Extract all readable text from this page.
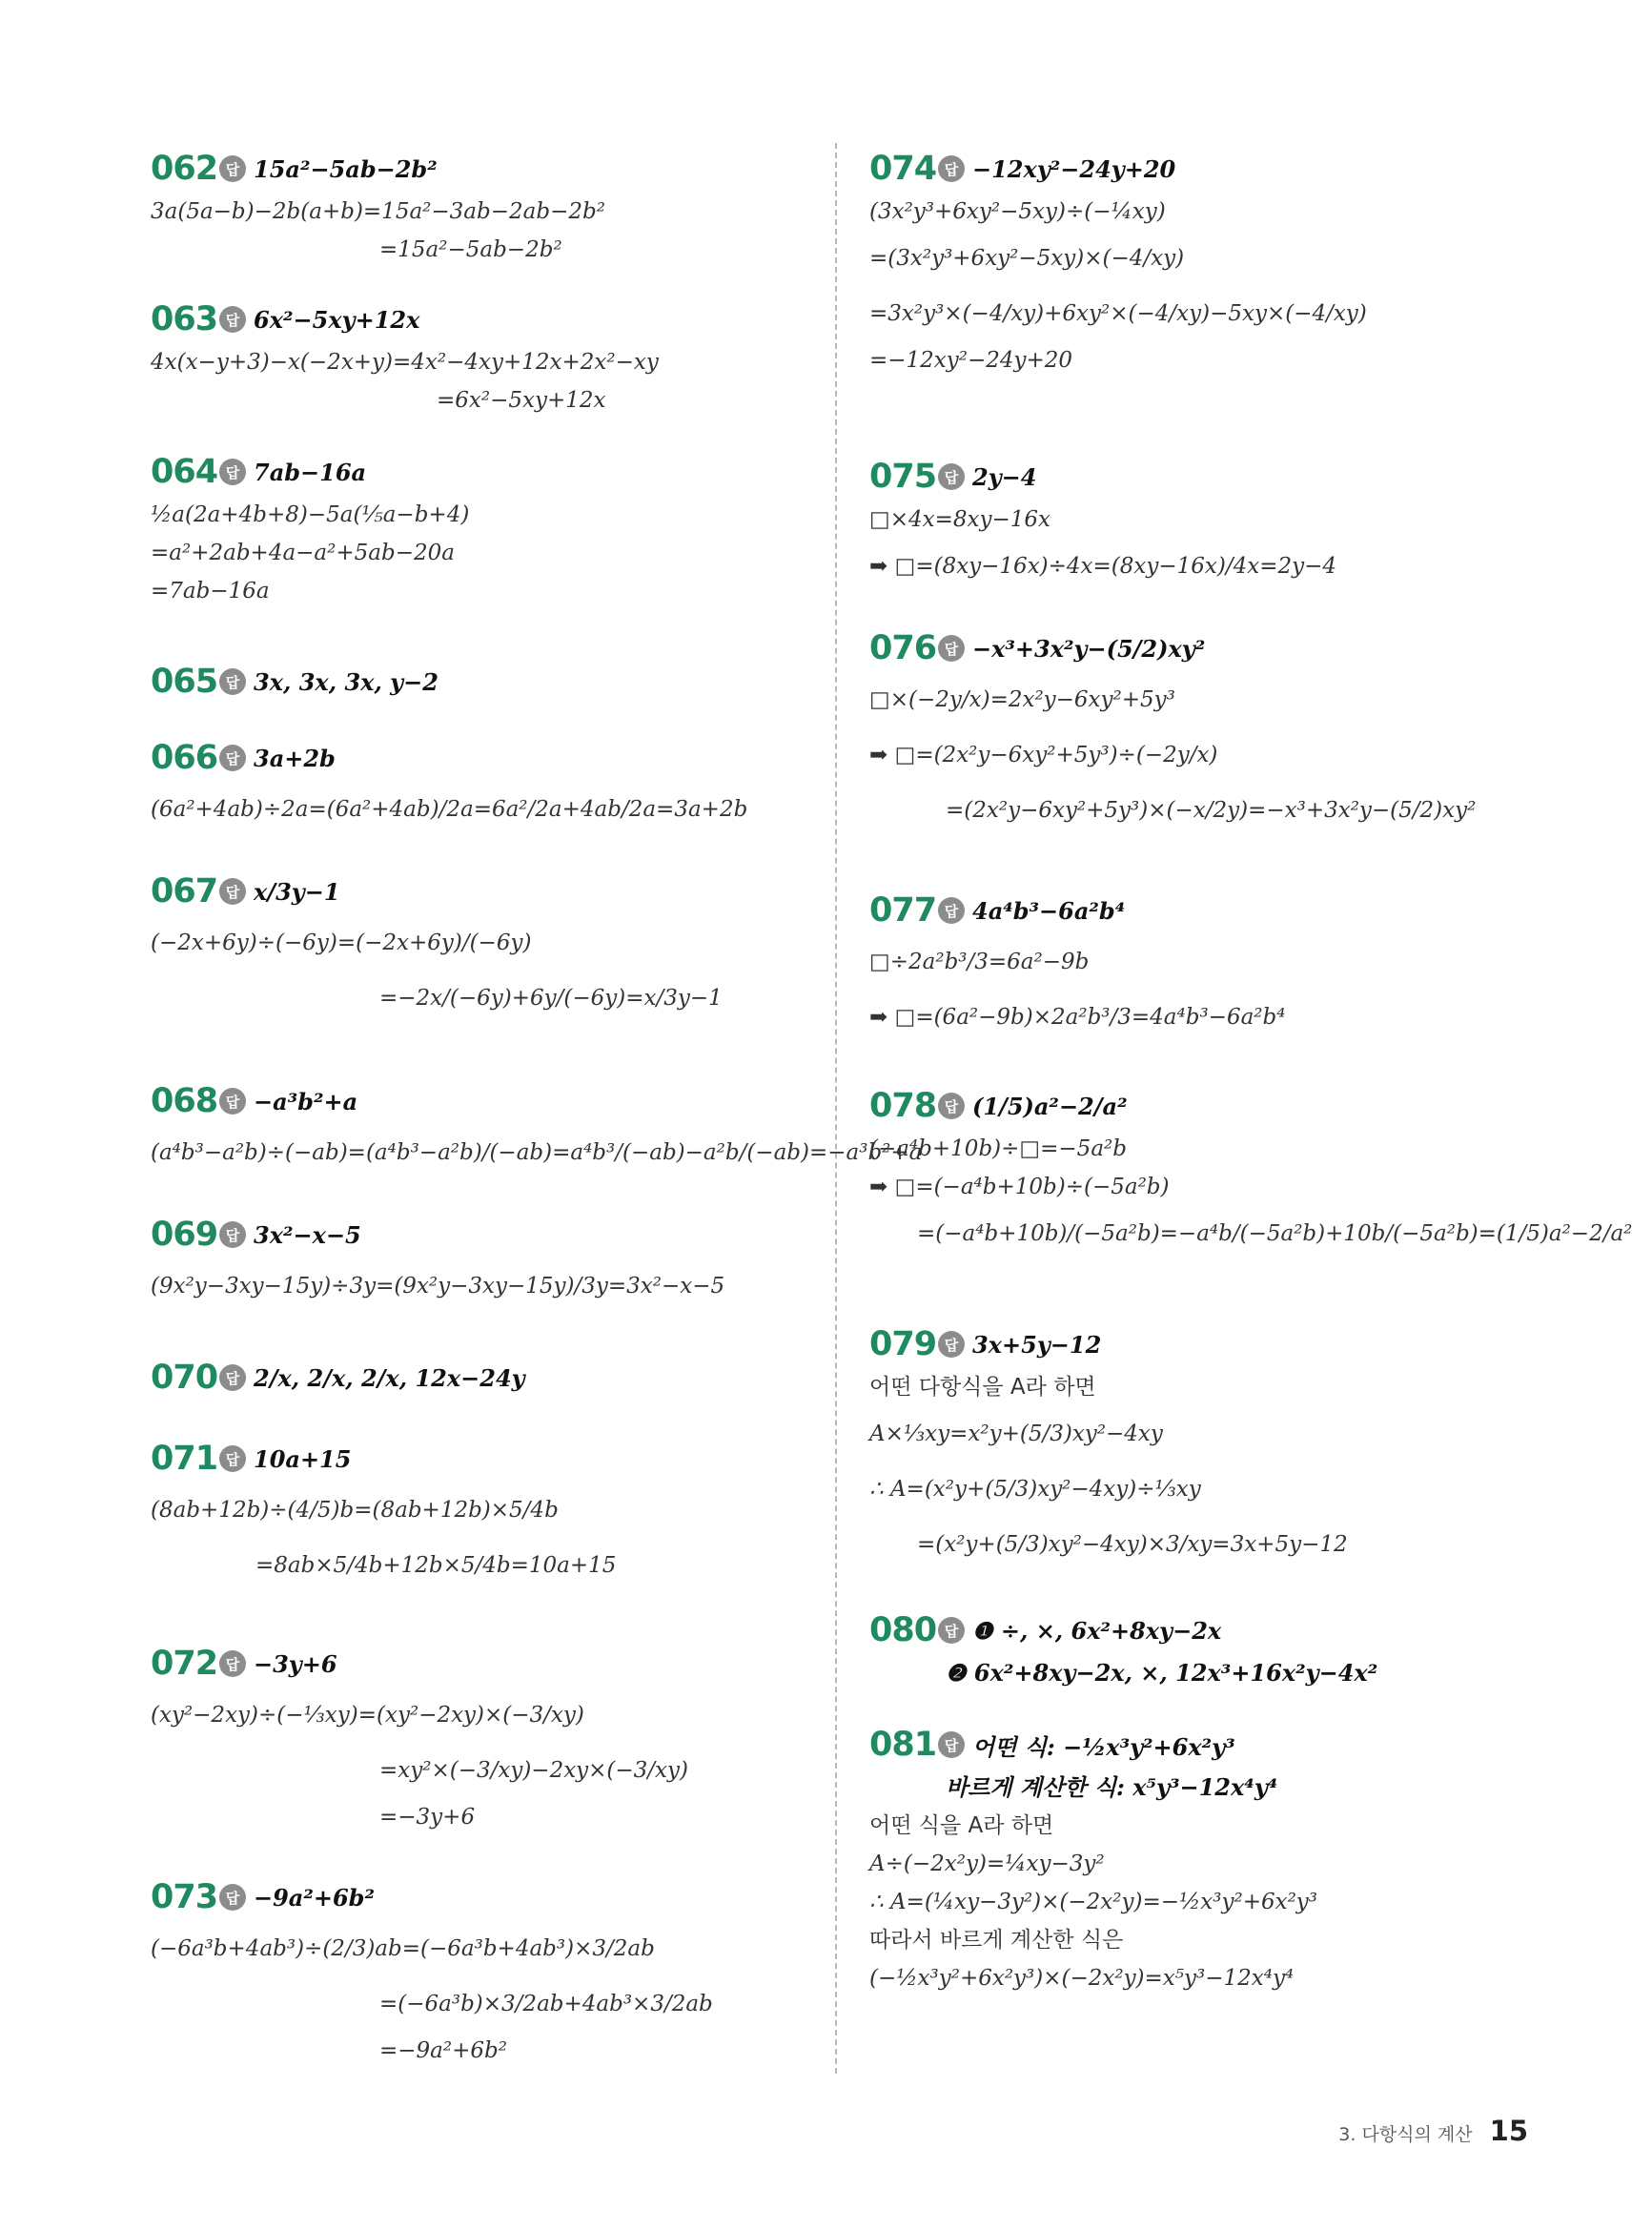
062 답 15a²−5ab−2b²
3a(5a−b)−2b(a+b)=15a²−3ab−2ab−2b²
=15a²−5ab−2b²
063 답 6x²−5xy+12x
4x(x−y+3)−x(−2x+y)=4x²−4xy+12x+2x²−xy
=6x²−5xy+12x
064 답 7ab−16a
½a(2a+4b+8)−5a(⅕a−b+4)
=a²+2ab+4a−a²+5ab−20a
=7ab−16a
065 답 3x, 3x, 3x, y−2
066 답 3a+2b
(6a²+4ab)÷2a=(6a²+4ab)/2a=6a²/2a+4ab/2a=3a+2b
067 답 x/3y−1
(−2x+6y)÷(−6y)=(−2x+6y)/(−6y)
=−2x/(−6y)+6y/(−6y)=x/3y−1
068 답 −a³b²+a
(a⁴b³−a²b)÷(−ab)=(a⁴b³−a²b)/(−ab)=a⁴b³/(−ab)−a²b/(−ab)=−a³b²+a
069 답 3x²−x−5
(9x²y−3xy−15y)÷3y=(9x²y−3xy−15y)/3y=3x²−x−5
070 답 2/x, 2/x, 2/x, 12x−24y
071 답 10a+15
(8ab+12b)÷(4/5)b=(8ab+12b)×5/4b
=8ab×5/4b+12b×5/4b=10a+15
072 답 −3y+6
(xy²−2xy)÷(−⅓xy)=(xy²−2xy)×(−3/xy)
=xy²×(−3/xy)−2xy×(−3/xy)
=−3y+6
073 답 −9a²+6b²
(−6a³b+4ab³)÷(2/3)ab=(−6a³b+4ab³)×3/2ab
=(−6a³b)×3/2ab+4ab³×3/2ab
=−9a²+6b²
074 답 −12xy²−24y+20
(3x²y³+6xy²−5xy)÷(−¼xy)
=(3x²y³+6xy²−5xy)×(−4/xy)
=3x²y³×(−4/xy)+6xy²×(−4/xy)−5xy×(−4/xy)
=−12xy²−24y+20
075 답 2y−4
□×4x=8xy−16x
➡ □=(8xy−16x)÷4x=(8xy−16x)/4x=2y−4
076 답 −x³+3x²y−(5/2)xy²
□×(−2y/x)=2x²y−6xy²+5y³
➡ □=(2x²y−6xy²+5y³)÷(−2y/x)
=(2x²y−6xy²+5y³)×(−x/2y)=−x³+3x²y−(5/2)xy²
077 답 4a⁴b³−6a²b⁴
□÷2a²b³/3=6a²−9b
➡ □=(6a²−9b)×2a²b³/3=4a⁴b³−6a²b⁴
078 답 (1/5)a²−2/a²
(−a⁴b+10b)÷□=−5a²b
➡ □=(−a⁴b+10b)÷(−5a²b)
=(−a⁴b+10b)/(−5a²b)=−a⁴b/(−5a²b)+10b/(−5a²b)=(1/5)a²−2/a²
079 답 3x+5y−12
어떤 다항식을 A라 하면
A×⅓xy=x²y+(5/3)xy²−4xy
∴ A=(x²y+(5/3)xy²−4xy)÷⅓xy
=(x²y+(5/3)xy²−4xy)×3/xy=3x+5y−12
080 답 ❶ ÷, ×, 6x²+8xy−2x
❷ 6x²+8xy−2x, ×, 12x³+16x²y−4x²
081 답 어떤 식: −½x³y²+6x²y³
바르게 계산한 식: x⁵y³−12x⁴y⁴
어떤 식을 A라 하면
A÷(−2x²y)=¼xy−3y²
∴ A=(¼xy−3y²)×(−2x²y)=−½x³y²+6x²y³
따라서 바르게 계산한 식은
(−½x³y²+6x²y³)×(−2x²y)=x⁵y³−12x⁴y⁴
3. 다항식의 계산 15
